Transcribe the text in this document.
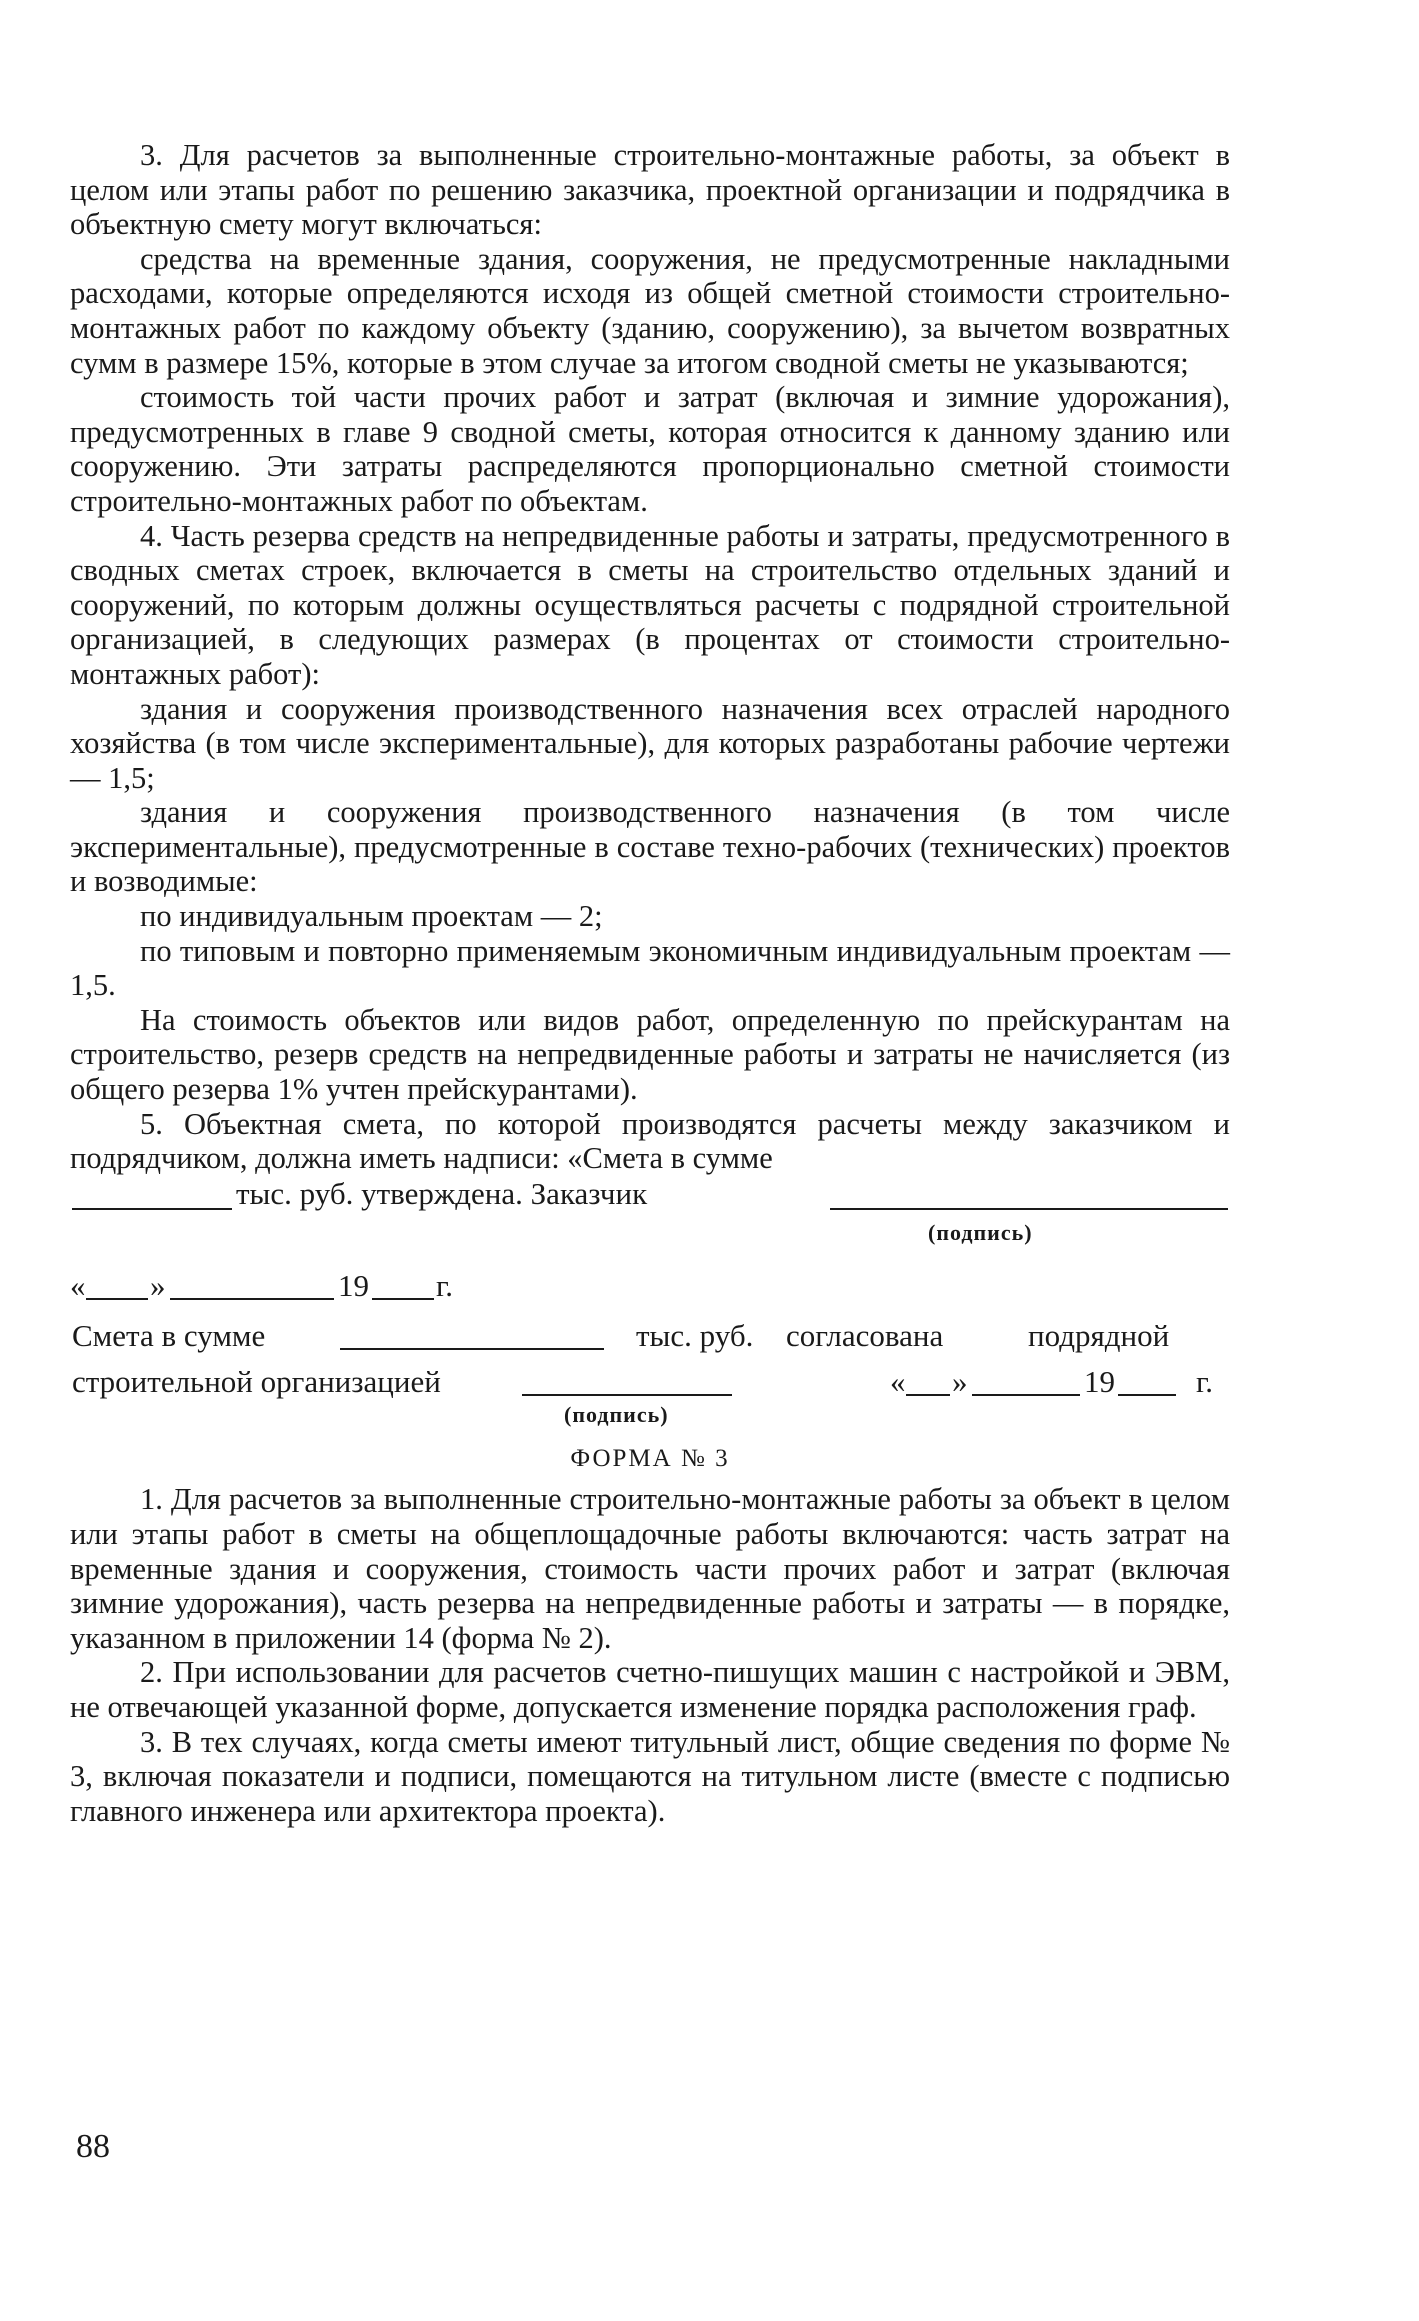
3. Для расчетов за выполненные строительно-монтажные работы, за объект в целом или этапы работ по решению заказчика, проектной организации и подрядчика в объектную смету могут включаться:

средства на временные здания, сооружения, не предусмотренные накладными расходами, которые определяются исходя из общей сметной стоимости строительно-монтажных работ по каждому объекту (зданию, сооружению), за вычетом возвратных сумм в размере 15%, которые в этом случае за итогом сводной сметы не указываются;

стоимость той части прочих работ и затрат (включая и зимние удорожания), предусмотренных в главе 9 сводной сметы, которая относится к данному зданию или сооружению. Эти затраты распределяются пропорционально сметной стоимости строительно-монтажных работ по объектам.

4. Часть резерва средств на непредвиденные работы и затраты, предусмотренного в сводных сметах строек, включается в сметы на строительство отдельных зданий и сооружений, по которым должны осуществляться расчеты с подрядной строительной организацией, в следующих размерах (в процентах от стоимости строительно-монтажных работ):

здания и сооружения производственного назначения всех отраслей народного хозяйства (в том числе экспериментальные), для которых разработаны рабочие чертежи — 1,5;

здания и сооружения производственного назначения (в том числе экспериментальные), предусмотренные в составе техно-рабочих (технических) проектов и возводимые:

по индивидуальным проектам — 2;

по типовым и повторно применяемым экономичным индивидуальным проектам — 1,5.

На стоимость объектов или видов работ, определенную по прейскурантам на строительство, резерв средств на непредвиденные работы и затраты не начисляется (из общего резерва 1% учтен прейскурантами).

5. Объектная смета, по которой производятся расчеты между заказчиком и подрядчиком, должна иметь надписи: «Смета в сумме

тыс. руб. утверждена. Заказчик
(подпись)
« »	19 г.
Смета в сумме	тыс. руб. согласована	подрядной
строительной организацией	« »	19	г.
(подпись)
ФОРМА № 3

1. Для расчетов за выполненные строительно-монтажные работы за объект в целом или этапы работ в сметы на общеплощадочные работы включаются: часть затрат на временные здания и сооружения, стоимость части прочих работ и затрат (включая зимние удорожания), часть резерва на непредвиденные работы и затраты — в порядке, указанном в приложении 14 (форма № 2).

2. При использовании для расчетов счетно-пишущих машин с настройкой и ЭВМ, не отвечающей указанной форме, допускается изменение порядка расположения граф.

3. В тех случаях, когда сметы имеют титульный лист, общие сведения по форме № 3, включая показатели и подписи, помещаются на титульном листе (вместе с подписью главного инженера или архитектора проекта).

88
